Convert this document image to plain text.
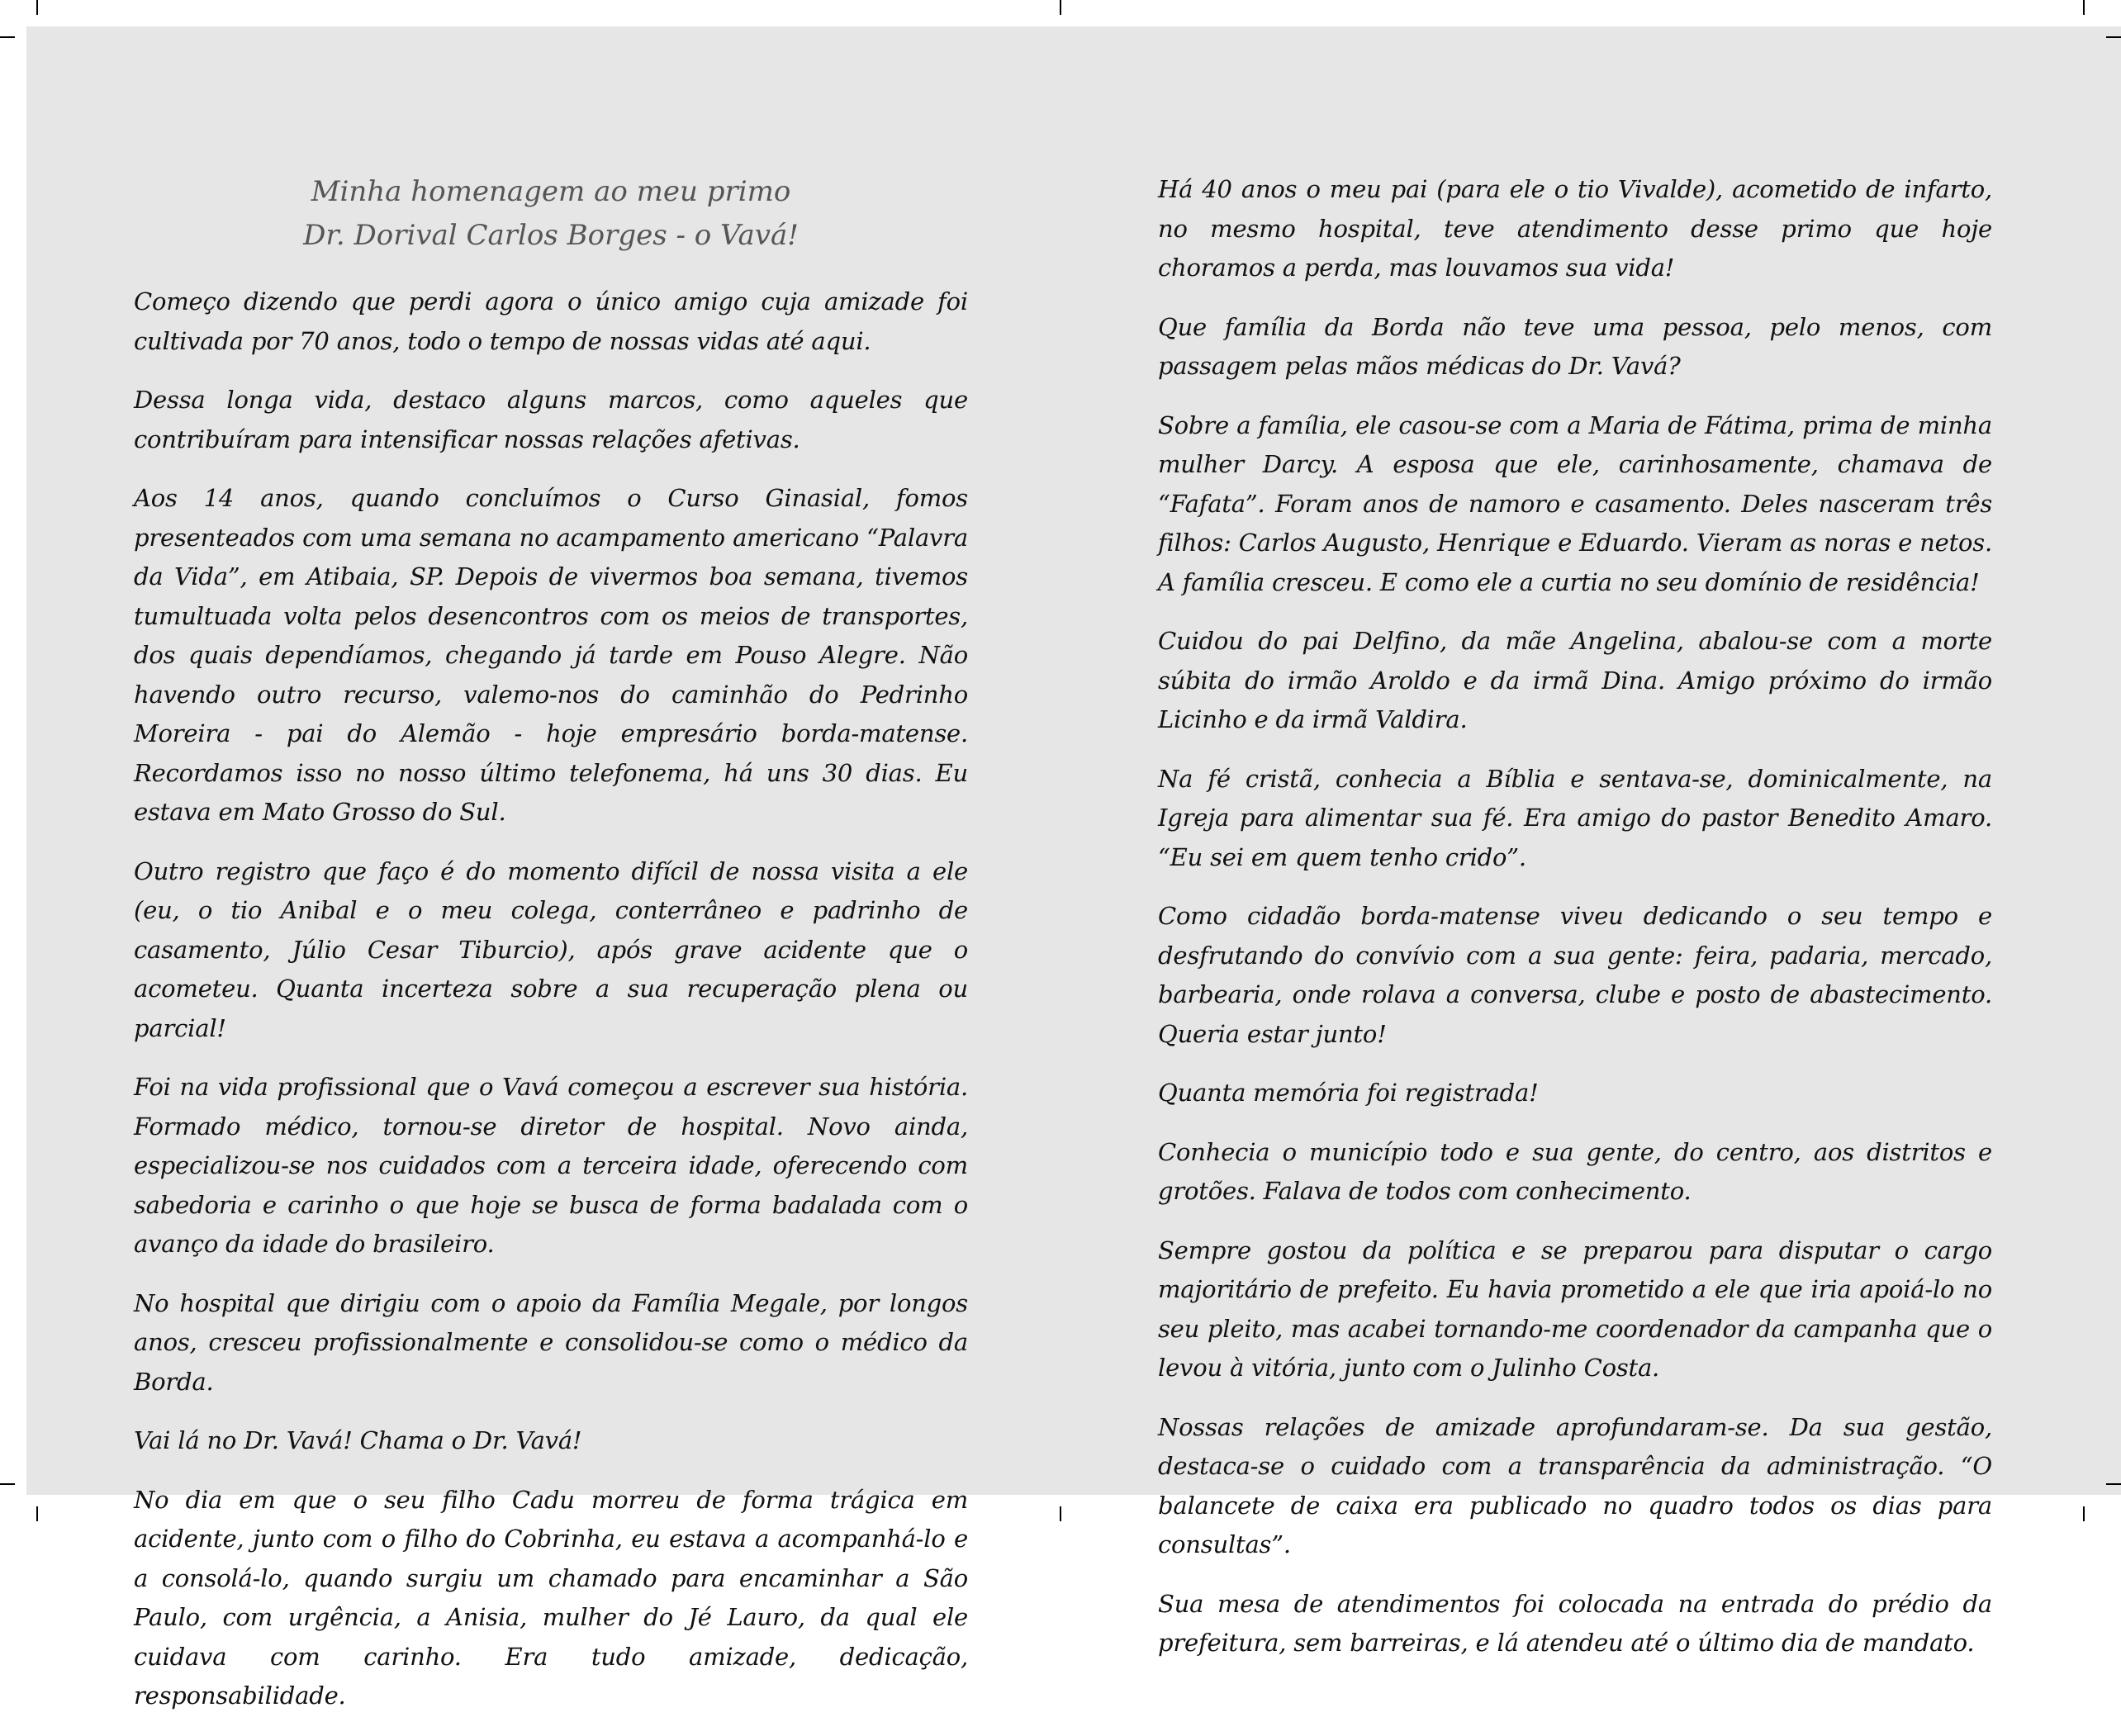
Minha homenagem ao meu primo
Dr. Dorival Carlos Borges - o Vavá!

Começo dizendo que perdi agora o único amigo cuja amizade foi cultivada por 70 anos, todo o tempo de nossas vidas até aqui.

Dessa longa vida, destaco alguns marcos, como aqueles que contribuíram para intensificar nossas relações afetivas.

Aos 14 anos, quando concluímos o Curso Ginasial, fomos presenteados com uma semana no acampamento americano “Palavra da Vida”, em Atibaia, SP. Depois de vivermos boa semana, tivemos tumultuada volta pelos desencontros com os meios de transportes, dos quais dependíamos, chegando já tarde em Pouso Alegre. Não havendo outro recurso, valemo-nos do caminhão do Pedrinho Moreira - pai do Alemão - hoje empresário borda-matense. Recordamos isso no nosso último telefonema, há uns 30 dias. Eu estava em Mato Grosso do Sul.

Outro registro que faço é do momento difícil de nossa visita a ele (eu, o tio Anibal e o meu colega, conterrâneo e padrinho de casamento, Júlio Cesar Tiburcio), após grave acidente que o acometeu. Quanta incerteza sobre a sua recuperação plena ou parcial!

Foi na vida profissional que o Vavá começou a escrever sua história. Formado médico, tornou-se diretor de hospital. Novo ainda, especializou-se nos cuidados com a terceira idade, oferecendo com sabedoria e carinho o que hoje se busca de forma badalada com o avanço da idade do brasileiro.

No hospital que dirigiu com o apoio da Família Megale, por longos anos, cresceu profissionalmente e consolidou-se como o médico da Borda.

Vai lá no Dr. Vavá! Chama o Dr. Vavá!

No dia em que o seu filho Cadu morreu de forma trágica em acidente, junto com o filho do Cobrinha, eu estava a acompanhá-lo e a consolá-lo, quando surgiu um chamado para encaminhar a São Paulo, com urgência, a Anisia, mulher do Jé Lauro, da qual ele cuidava com carinho. Era tudo amizade, dedicação, responsabilidade.

Há 40 anos o meu pai (para ele o tio Vivalde), acometido de infarto, no mesmo hospital, teve atendimento desse primo que hoje choramos a perda, mas louvamos sua vida!

Que família da Borda não teve uma pessoa, pelo menos, com passagem pelas mãos médicas do Dr. Vavá?

Sobre a família, ele casou-se com a Maria de Fátima, prima de minha mulher Darcy. A esposa que ele, carinhosamente, chamava de “Fafata”. Foram anos de namoro e casamento. Deles nasceram três filhos: Carlos Augusto, Henrique e Eduardo. Vieram as noras e netos. A família cresceu. E como ele a curtia no seu domínio de residência!

Cuidou do pai Delfino, da mãe Angelina, abalou-se com a morte súbita do irmão Aroldo e da irmã Dina. Amigo próximo do irmão Licinho e da irmã Valdira.

Na fé cristã, conhecia a Bíblia e sentava-se, dominicalmente, na Igreja para alimentar sua fé. Era amigo do pastor Benedito Amaro. “Eu sei em quem tenho crido”.

Como cidadão borda-matense viveu dedicando o seu tempo e desfrutando do convívio com a sua gente: feira, padaria, mercado, barbearia, onde rolava a conversa, clube e posto de abastecimento. Queria estar junto!

Quanta memória foi registrada!

Conhecia o município todo e sua gente, do centro, aos distritos e grotões. Falava de todos com conhecimento.

Sempre gostou da política e se preparou para disputar o cargo majoritário de prefeito. Eu havia prometido a ele que iria apoiá-lo no seu pleito, mas acabei tornando-me coordenador da campanha que o levou à vitória, junto com o Julinho Costa.

Nossas relações de amizade aprofundaram-se. Da sua gestão, destaca-se o cuidado com a transparência da administração. “O balancete de caixa era publicado no quadro todos os dias para consultas”.

Sua mesa de atendimentos foi colocada na entrada do prédio da prefeitura, sem barreiras, e lá atendeu até o último dia de mandato.
